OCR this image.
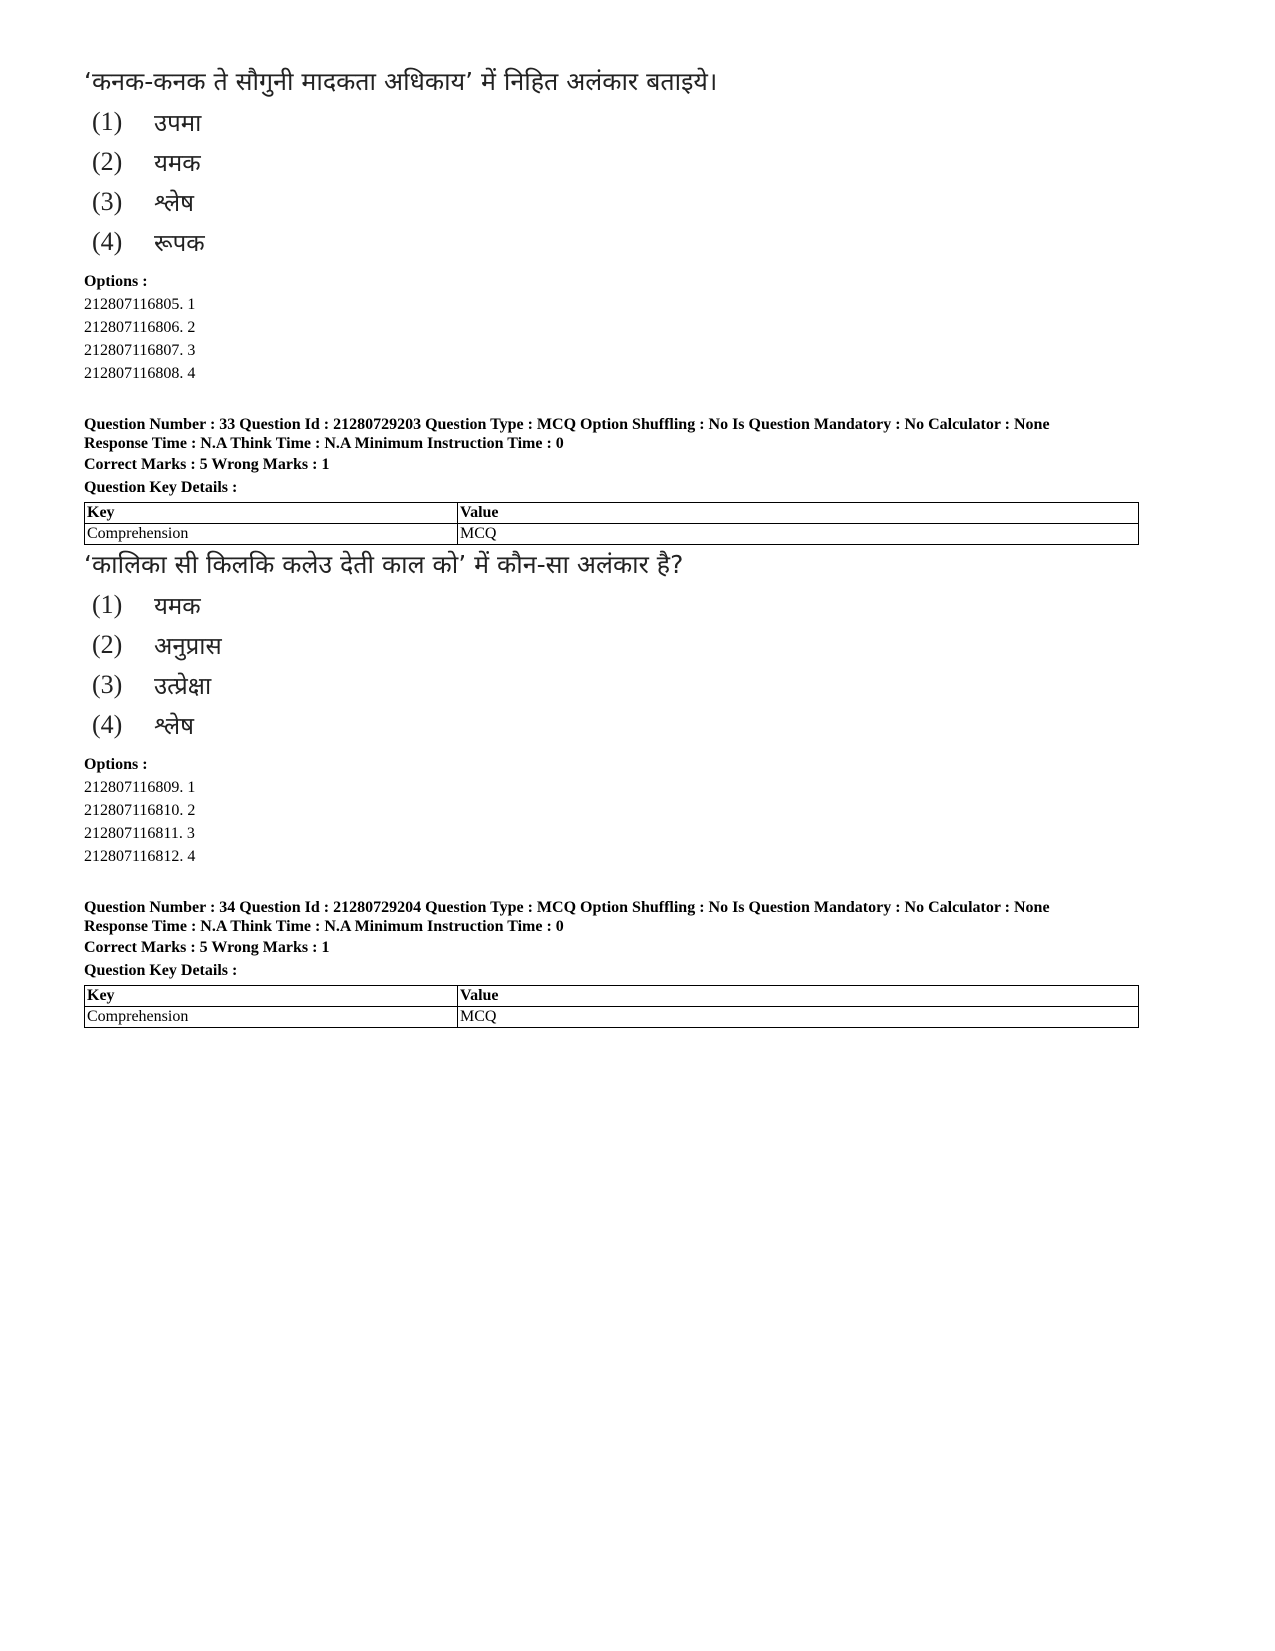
‘कनक-कनक ते सौगुनी मादकता अधिकाय’ में निहित अलंकार बताइये।
(1)	उपमा
(2)	यमक
(3)	श्लेष
(4)	रूपक
Options :
212807116805. 1
212807116806. 2
212807116807. 3
212807116808. 4
Question Number : 33 Question Id : 21280729203 Question Type : MCQ Option Shuffling : No Is Question Mandatory : No Calculator : None
Response Time : N.A Think Time : N.A Minimum Instruction Time : 0
Correct Marks : 5 Wrong Marks : 1
Question Key Details :
Key	Value
Comprehension	MCQ
‘कालिका सी किलकि कलेउ देती काल को’ में कौन-सा अलंकार है?
(1)	यमक
(2)	अनुप्रास
(3)	उत्प्रेक्षा
(4)	श्लेष
Options :
212807116809. 1
212807116810. 2
212807116811. 3
212807116812. 4
Question Number : 34 Question Id : 21280729204 Question Type : MCQ Option Shuffling : No Is Question Mandatory : No Calculator : None
Response Time : N.A Think Time : N.A Minimum Instruction Time : 0
Correct Marks : 5 Wrong Marks : 1
Question Key Details :
Key	Value
Comprehension	MCQ
